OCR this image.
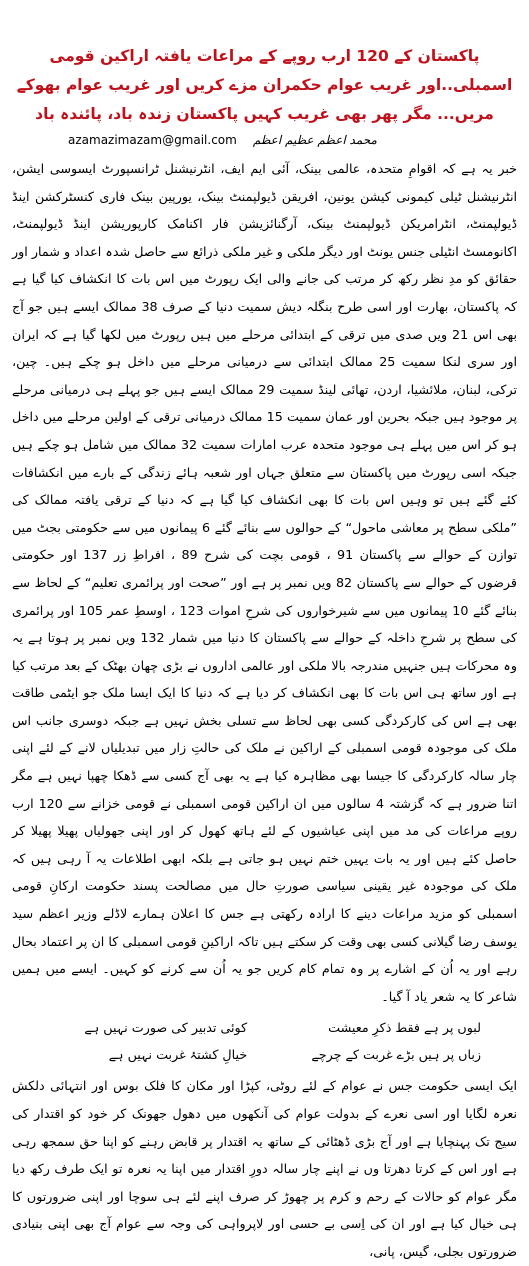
پاکستان کے 120 ارب روپے کے مراعات یافتہ اراکین قومی اسمبلی..اور غریب عوام حکمران مزے کریں اور غریب عوام بھوکے مریں... مگر پھر بھی غریب کہیں پاکستان زندہ باد، پائندہ باد
azamazimazam@gmail.com محمد اعظم عظیم اعظم

خبر یہ ہے کہ اقوامِ متحدہ، عالمی بینک، آئی ایم ایف، انٹرنیشنل ٹرانسپورٹ ایسوسی ایشن، انٹرنیشنل ٹیلی کیمونی کیشن یونین، افریقن ڈیولپمنٹ بینک، یورپین بینک فاری کنسٹرکشن اینڈ ڈیولپمنٹ، انٹرامریکن ڈیولپمنٹ بینک، آرگنائزیشن فار اکنامک کارپوریشن اینڈ ڈیولپمنٹ، اکانومسٹ انٹیلی جنس یونٹ اور دیگر ملکی و غیر ملکی ذرائع سے حاصل شدہ اعداد و شمار اور حقائق کو مدِ نظر رکھ کر مرتب کی جانے والی ایک رپورٹ میں اس بات کا انکشاف کیا گیا ہے کہ پاکستان، بھارت اور اسی طرح بنگلہ دیش سمیت دنیا کے صرف 38 ممالک ایسے ہیں جو آج بھی اس 21 ویں صدی میں ترقی کے ابتدائی مرحلے میں ہیں رپورٹ میں لکھا گیا ہے کہ ایران اور سری لنکا سمیت 25 ممالک ابتدائی سے درمیانی مرحلے میں داخل ہو چکے ہیں۔ چین، ترکی، لبنان، ملائشیا، اردن، تھائی لینڈ سمیت 29 ممالک ایسے ہیں جو پہلے ہی درمیانی مرحلے پر موجود ہیں جبکہ بحرین اور عمان سمیت 15 ممالک درمیانی ترقی کے اولین مرحلے میں داخل ہو کر اس میں پہلے ہی موجود متحدہ عرب امارات سمیت 32 ممالک میں شامل ہو چکے ہیں جبکہ اسی رپورٹ میں پاکستان سے متعلق جہاں اور شعبہ ہائے زندگی کے بارے میں انکشافات کئے گئے ہیں تو وہیں اس بات کا بھی انکشاف کیا گیا ہے کہ دنیا کے ترقی یافتہ ممالک کی ”ملکی سطح پر معاشی ماحول“ کے حوالوں سے بنائے گئے 6 پیمانوں میں سے حکومتی بجٹ میں توازن کے حوالے سے پاکستان 91 ، قومی بچت کی شرح 89 ، افراطِ زر 137 اور حکومتی قرضوں کے حوالے سے پاکستان 82 ویں نمبر پر ہے اور ”صحت اور پرائمری تعلیم“ کے لحاظ سے بنائے گئے 10 پیمانوں میں سے شیرخواروں کی شرحِ اموات 123 ، اوسطِ عمر 105 اور پرائمری کی سطح پر شرحِ داخلہ کے حوالے سے پاکستان کا دنیا میں شمار 132 ویں نمبر پر ہوتا ہے یہ وہ محرکات ہیں جنہیں مندرجہ بالا ملکی اور عالمی اداروں نے بڑی چھان بھٹک کے بعد مرتب کیا ہے اور ساتھ ہی اس بات کا بھی انکشاف کر دیا ہے کہ دنیا کا ایک ایسا ملک جو ایٹمی طاقت بھی ہے اس کی کارکردگی کسی بھی لحاظ سے تسلی بخش نہیں ہے جبکہ دوسری جانب اس ملک کی موجودہ قومی اسمبلی کے اراکین نے ملک کی حالتِ زار میں تبدیلیاں لانے کے لئے اپنی چار سالہ کارکردگی کا جیسا بھی مظاہرہ کیا ہے یہ بھی آج کسی سے ڈھکا چھپا نہیں ہے مگر اتنا ضرور ہے کہ گزشتہ 4 سالوں میں ان اراکین قومی اسمبلی نے قومی خزانے سے 120 ارب روپے مراعات کی مد میں اپنی عیاشیوں کے لئے ہاتھ کھول کر اور اپنی جھولیاں پھیلا پھیلا کر حاصل کئے ہیں اور یہ بات یہیں ختم نہیں ہو جاتی ہے بلکہ ابھی اطلاعات یہ آ رہی ہیں کہ ملک کی موجودہ غیر یقینی سیاسی صورتِ حال میں مصالحت پسند حکومت ارکانِ قومی اسمبلی کو مزید مراعات دینے کا ارادہ رکھتی ہے جس کا اعلان ہمارے لاڈلے وزیر اعظم سید یوسف رضا گیلانی کسی بھی وقت کر سکتے ہیں تاکہ اراکینِ قومی اسمبلی کا ان پر اعتماد بحال رہے اور یہ اُن کے اشارے پر وہ تمام کام کریں جو یہ اُن سے کرنے کو کہیں۔ ایسے میں ہمیں شاعر کا یہ شعر یاد آ گیا۔

لبوں پر ہے فقط ذکرِ معیشت
کوئی تدبیر کی صورت نہیں ہے
زباں پر ہیں بڑے غربت کے چرچے
خیالِ کشتۂ غربت نہیں ہے

ایک ایسی حکومت جس نے عوام کے لئے روٹی، کپڑا اور مکان کا فلک بوس اور انتہائی دلکش نعرہ لگایا اور اسی نعرے کے بدولت عوام کی آنکھوں میں دھول جھونک کر خود کو اقتدار کی سیج تک پہنچایا ہے اور آج بڑی ڈھٹائی کے ساتھ یہ اقتدار پر قابض رہنے کو اپنا حق سمجھ رہی ہے اور اس کے کرتا دھرتا وں نے اپنے چار سالہ دورِ اقتدار میں اپنا یہ نعرہ تو ایک طرف رکھ دیا مگر عوام کو حالات کے رحم و کرم پر چھوڑ کر صرف اپنے لئے ہی سوچا اور اپنی ضرورتوں کا ہی خیال کیا ہے اور ان کی اِسی بے حسی اور لاپرواہی کی وجہ سے عوام آج بھی اپنی بنیادی ضرورتوں بجلی، گیس، پانی،
